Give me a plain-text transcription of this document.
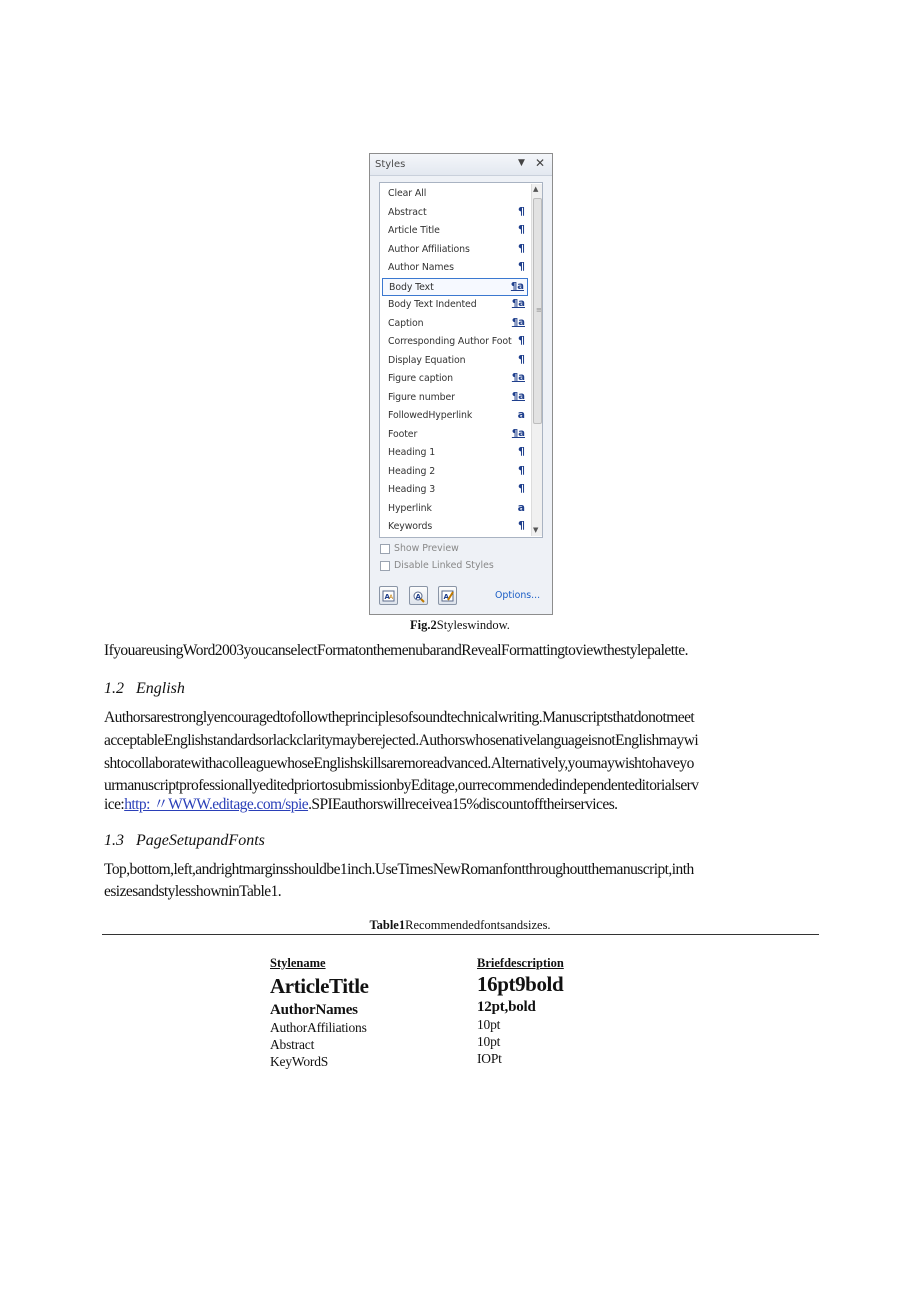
Styles	▼ ✕
Clear All
Abstract	¶
Article Title	¶
Author Affiliations	¶
Author Names	¶
Body Text	¶a
Body Text Indented	¶a
Caption	¶a
Corresponding Author Foot ¶
Display Equation	¶
Figure caption	¶a
Figure number	¶a
FollowedHyperlink	a
Footer	¶a
Heading 1	¶
Heading 2	¶
Heading 3	¶
Hyperlink	a
Keywords	¶
▲
≡
▼
Show Preview
Disable Linked Styles
A A	A	A	Options...
Fig.2Styleswindow.
IfyouareusingWord2003youcanselectFormatonthemenubarandRevealFormattingtoviewthestylepalette.
1.2 English
Authorsarestronglyencouragedtofollowtheprinciplesofsoundtechnicalwriting.Manuscriptsthatdonotmeet
acceptableEnglishstandardsorlackclaritymayberejected.AuthorswhosenativelanguageisnotEnglishmaywi
shtocollaboratewithacolleaguewhoseEnglishskillsaremoreadvanced.Alternatively,youmaywishtohaveyo
urmanuscriptprofessionallyeditedpriortosubmissionbyEditage,ourrecommendedindependenteditorialserv
ice:http: 〃WWW.editage.com/spie.SPIEauthorswillreceivea15%discountofftheirservices.
1.3 PageSetupandFonts
Top,bottom,left,andrightmarginsshouldbe1inch.UseTimesNewRomanfontthroughoutthemanuscript,inth
esizesandstylesshowninTable1.
Table1Recommendedfontsandsizes.
Stylename	Briefdescription
ArticleTitle	16pt9bold
AuthorNames	12pt,bold
AuthorAffiliations	10pt
Abstract	10pt
KeyWordS	IOPt
